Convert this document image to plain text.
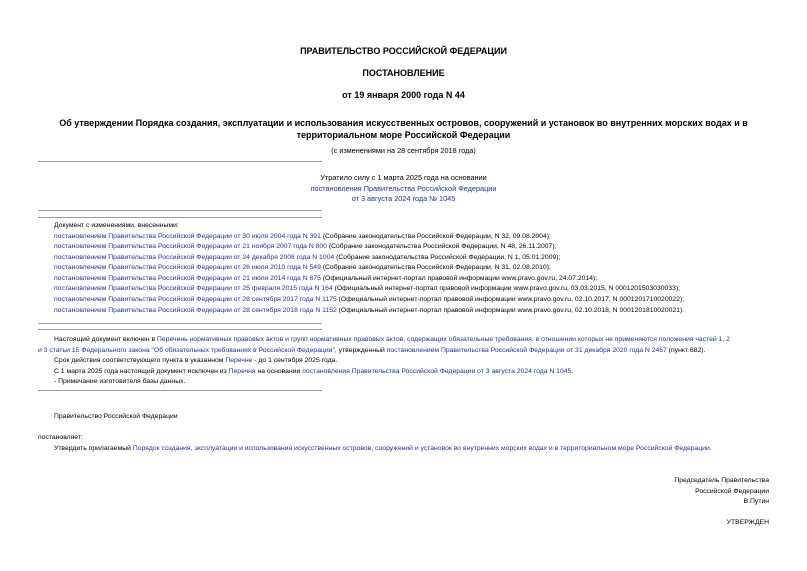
ПРАВИТЕЛЬСТВО РОССИЙСКОЙ ФЕДЕРАЦИИ
ПОСТАНОВЛЕНИЕ
от 19 января 2000 года N 44
Об утверждении Порядка создания, эксплуатации и использования искусственных островов, сооружений и установок во внутренних морских водах и в
территориальном море Российской Федерации
(с изменениями на 28 сентября 2018 года)
Утратило силу с 1 марта 2025 года на основании
постановления Правительства Российской Федерации
от 3 августа 2024 года № 1045
Документ с изменениями, внесенными:
постановлением Правительства Российской Федерации от 30 июля 2004 года N 391 (Собрание законодательства Российской Федерации, N 32, 09.08.2004);
постановлением Правительства Российской Федерации от 21 ноября 2007 года N 800 (Собрание законодательства Российской Федерации, N 48, 26.11.2007);
постановлением Правительства Российской Федерации от 24 декабря 2008 года N 1004 (Собрание законодательства Российской Федерации, N 1, 05.01.2009);
постановлением Правительства Российской Федерации от 26 июля 2010 года N 549 (Собрание законодательства Российской Федерации, N 31, 02.08.2010);
постановлением Правительства Российской Федерации от 21 июля 2014 года N 675 (Официальный интернет-портал правовой информации www.pravo.gov.ru, 24.07.2014);
постановлением Правительства Российской Федерации от 25 февраля 2015 года N 164 (Официальный интернет-портал правовой информации www.pravo.gov.ru, 03.03.2015, N 0001201503030033);
постановлением Правительства Российской Федерации от 28 сентября 2017 года N 1175 (Официальный интернет-портал правовой информации www.pravo.gov.ru, 02.10.2017, N 0001201710020022);
постановлением Правительства Российской Федерации от 28 сентября 2018 года N 1152 (Официальный интернет-портал правовой информации www.pravo.gov.ru, 02.10.2018, N 0001201810020021).
Настоящий документ включен в Перечень нормативных правовых актов и групп нормативных правовых актов, содержащих обязательные требования, в отношении которых не применяются положения частей 1, 2
и 3 статьи 15 Федерального закона "Об обязательных требованиях в Российской Федерации", утвержденный постановлением Правительства Российской Федерации от 31 декабря 2020 года N 2467 (пункт 682).
Срок действия соответствующего пункта в указанном Перечне - до 1 сентября 2025 года.
С 1 марта 2025 года настоящий документ исключен из Перечня на основании постановления Правительства Российской Федерации от 3 августа 2024 года N 1045.
- Примечание изготовителя базы данных.
Правительство Российской Федерации
постановляет:
Утвердить прилагаемый Порядок создания, эксплуатации и использования искусственных островов, сооружений и установок во внутренних морских водах и в территориальном море Российской Федерации.
Председатель Правительства
Российской Федерации
В.Путин
УТВЕРЖДЕН
